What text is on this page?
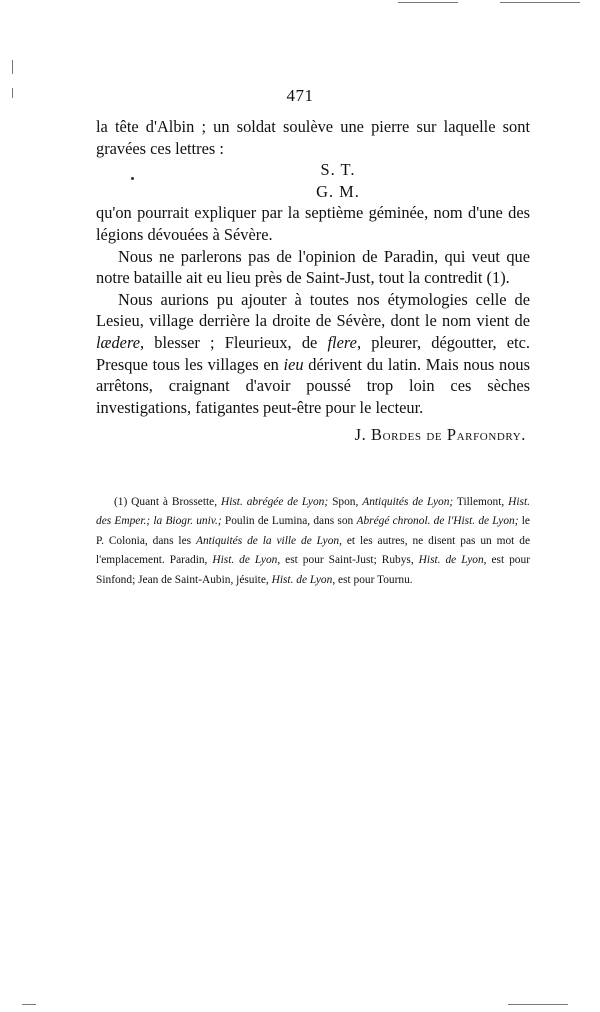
471

la tête d'Albin ; un soldat soulève une pierre sur laquelle sont gravées ces lettres :

S. T.
G. M.

qu'on pourrait expliquer par la septième géminée, nom d'une des légions dévouées à Sévère.

Nous ne parlerons pas de l'opinion de Paradin, qui veut que notre bataille ait eu lieu près de Saint-Just, tout la contredit (1).

Nous aurions pu ajouter à toutes nos étymologies celle de Lesieu, village derrière la droite de Sévère, dont le nom vient de lædere, blesser ; Fleurieux, de flere, pleurer, dégoutter, etc. Presque tous les villages en ieu dérivent du latin. Mais nous nous arrêtons, craignant d'avoir poussé trop loin ces sèches investigations, fatigantes peut-être pour le lecteur.

J. Bordes de Parfondry.
(1) Quant à Brossette, Hist. abrégée de Lyon; Spon, Antiquités de Lyon; Tillemont, Hist. des Emper.; la Biogr. univ.; Poulin de Lumina, dans son Abrégé chronol. de l'Hist. de Lyon; le P. Colonia, dans les Antiquités de la ville de Lyon, et les autres, ne disent pas un mot de l'emplacement. Paradin, Hist. de Lyon, est pour Saint-Just; Rubys, Hist. de Lyon, est pour Sinfond; Jean de Saint-Aubin, jésuite, Hist. de Lyon, est pour Tournu.
